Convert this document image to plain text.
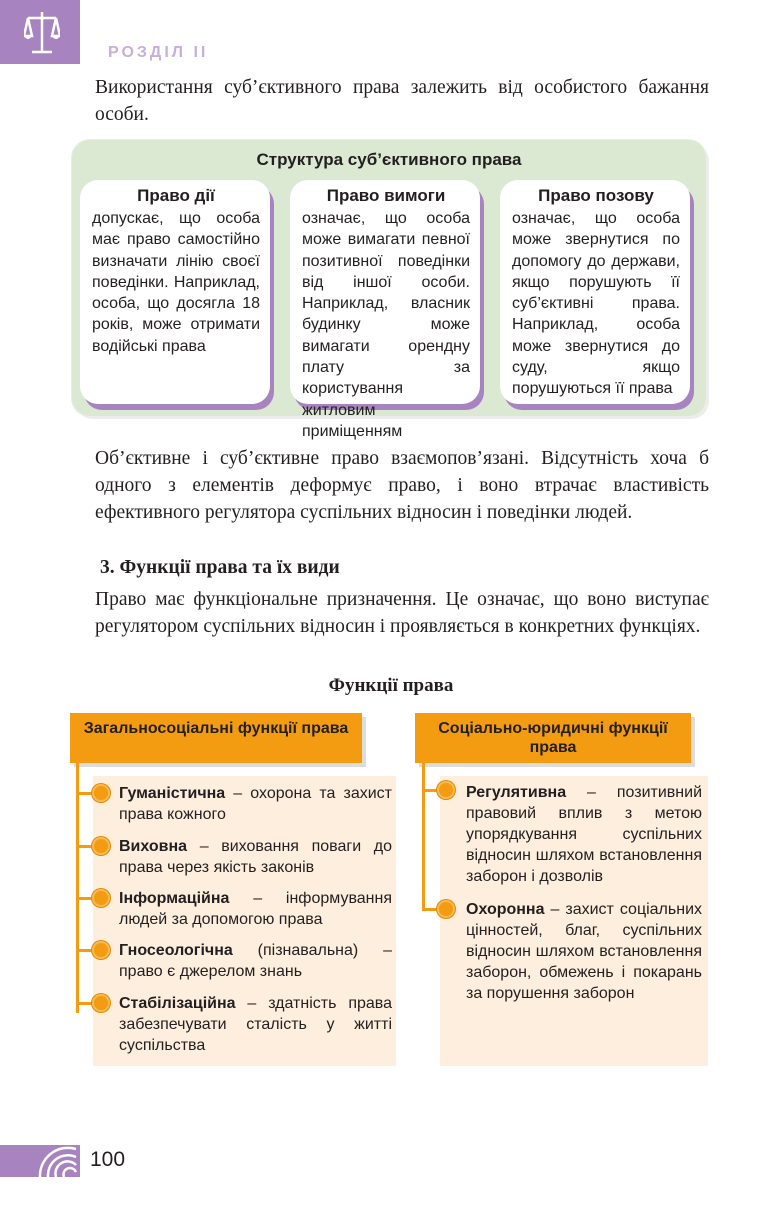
РОЗДІЛ II
Використання суб’єктивного права залежить від особистого бажання особи.
Структура суб’єктивного права
Право дії
допускає, що особа має право самостійно визначати лінію своєї поведінки. Наприклад, особа, що досягла 18 років, може отримати водійські права
Право вимоги
означає, що особа може вимагати певної позитивної поведінки від іншої особи. Наприклад, власник будинку може вимагати орендну плату за користування житловим приміщенням
Право позову
означає, що особа може звернутися по допомогу до держави, якщо порушують її суб’єктивні права. Наприклад, особа може звернутися до суду, якщо порушуються її права
Об’єктивне і суб’єктивне право взаємопов’язані. Відсутність хоча б одного з елементів деформує право, і воно втрачає властивість ефективного регулятора суспільних відносин і поведінки людей.
3. Функції права та їх види
Право має функціональне призначення. Це означає, що воно виступає регулятором суспільних відносин і проявляється в конкретних функціях.
Функції права
Загальносоціальні функції права
Гуманістична – охорона та захист права кожного
Виховна – виховання поваги до права через якість законів
Інформаційна – інформування людей за допомогою права
Гносеологічна (пізнавальна) – право є джерелом знань
Стабілізаційна – здатність права забезпечувати сталість у житті суспільства
Соціально-юридичні функції права
Регулятивна – позитивний правовий вплив з метою упорядкування суспільних відносин шляхом встановлення заборон і дозволів
Охоронна – захист соціальних цінностей, благ, суспільних відносин шляхом встановлення заборон, обмежень і покарань за порушення заборон
100
